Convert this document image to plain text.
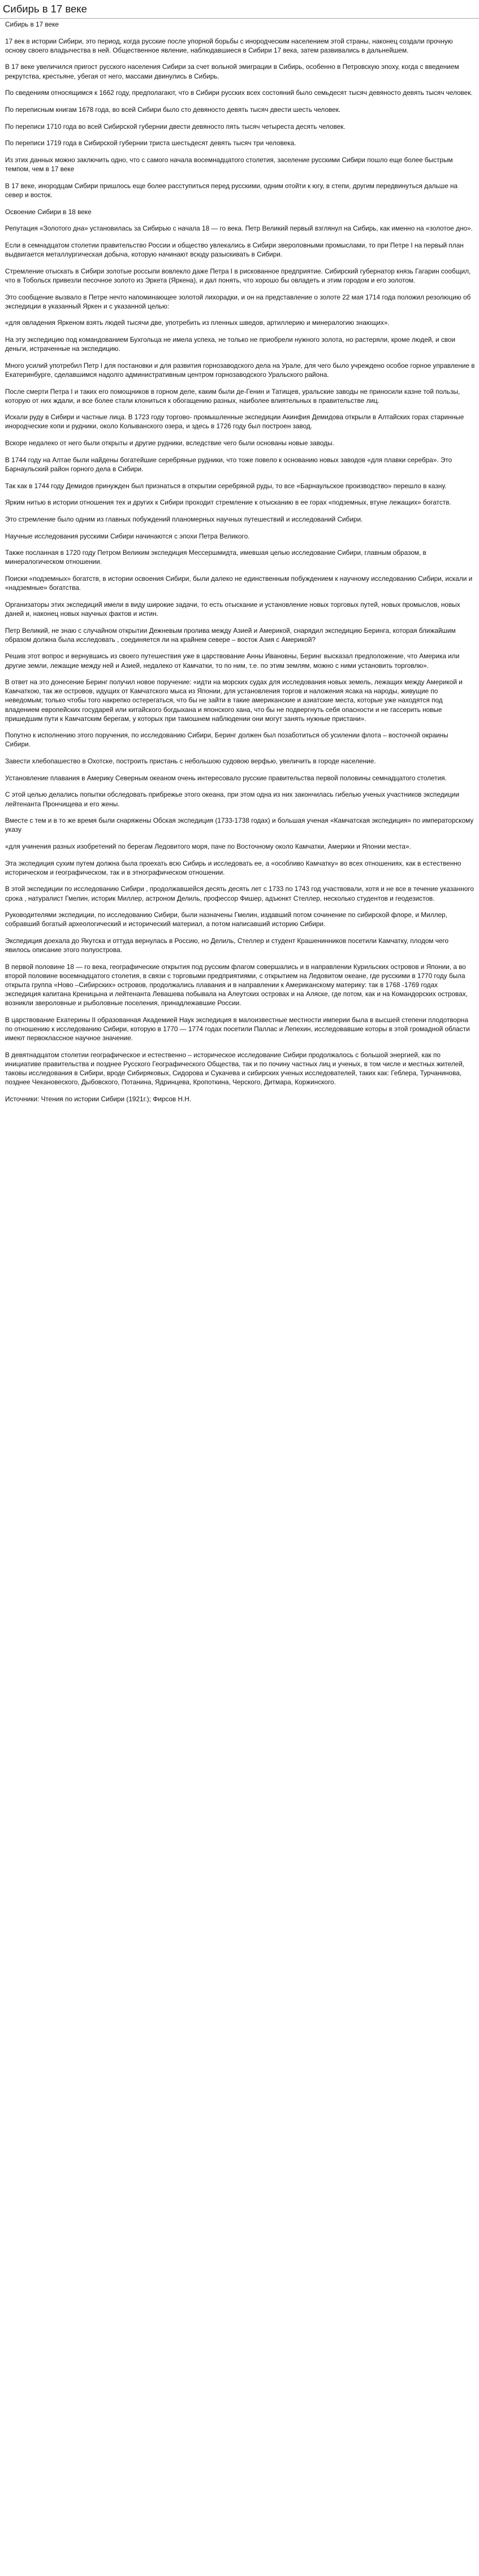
Сибирь в 17 веке
Сибирь в 17 веке
17 век в истории Сибири, это период, когда русские после упорной борьбы с инородческим населением этой страны, наконец создали прочную основу своего владычества в ней. Общественное явление, наблюдавшиеся в Сибири 17 века, затем развивались в дальнейшем.
В 17 веке увеличился приrост русского населения Сибири за счет вольной эмиграции в Сибирь, особенно в Петровскую эпоху, когда с введением рекрутства, крестьяне, убегая от него, массами двинулись в Сибирь.
По сведениям относящимся к 1662 году, предполагают, что в Сибири русских всех состояний было семьдесят тысяч девяносто девять тысяч человек.
По переписным книгам 1678 года, во всей Сибири было сто девяносто девять тысяч двести шесть человек.
По переписи 1710 года во всей Сибирской губернии двести девяносто пять тысяч четыреста десять человек.
По переписи 1719 года в Сибирской губернии триста шестьдесят девять тысяч три человека.
Из этих данных можно заключить одно, что с самого начала восемнадцатого столетия, заселение русскими Сибири пошло еще более быстрым темпом, чем в 17 веке
В 17 веке, инородцам Сибири пришлось еще более расступиться перед русскими, одним отойти к югу, в степи, другим передвинуться дальше на север и восток.
Освоение Сибири в 18 веке
Репутация «Золотого дна» установилась за Сибирью с начала 18 — го века. Петр Великий первый взглянул на Сибирь, как именно на «золотое дно».
Если в семнадцатом столетии правительство России и общество увлекались в Сибири звероловными промыслами, то при Петре I на первый план выдвигается металлургическая добыча, которую начинают всюду разыскивать в Сибири.
Стремление отыскать в Сибири золотые россыпи вовлекло даже Петра I в рискованное предприятие. Сибирский губернатор князь Гагарин сообщил, что в Тобольск привезли песочное золото из Эркета (Яркена), и дал понять, что хорошо бы овладеть и этим городом и его золотом.
Это сообщение вызвало в Петре нечто напоминающее золотой лихорадки, и он на представление о золоте 22 мая 1714 года положил резолюцию об экспедиции в указанный Яркен и с указанной целью:
«для овладения Яркеном взять людей тысячи две, употребить из пленных шведов, артиллерию и минералогию знающих».
На эту экспедицию под командованием Бухгольца не имела успеха, не только не приобрели нужного золота, но растеряли, кроме людей, и свои деньги, истраченные на экспедицию.
Много усилий употребил Петр I для постановки и для развития горнозаводского дела на Урале, для чего было учреждено особое горное управление в Екатеринбурге, сделавшимся надолго административным центром горнозаводского Уральского района.
После смерти Петра I и таких его помощников в горном деле, каким были де-Генин и Татищев, уральские заводы не приносили казне той пользы, которую от них ждали, и все более стали клониться к обогащению разных, наиболее влиятельных в правительстве лиц.
Искали руду в Сибири и частные лица. В 1723 году торгово- промышленные экспедиции Акинфия Демидова открыли в Алтайских горах старинные инородческие копи и рудники, около Колыванского озера, и здесь в 1726 году был построен завод.
Вскоре недалеко от него были открыты и другие рудники, вследствие чего были основаны новые заводы.
В 1744 году на Алтае были найдены богатейшие серебряные рудники, что тоже повело к основанию новых заводов «для плавки серебра». Это Барнаульский район горного дела в Сибири.
Так как в 1744 году Демидов пpинужден был признаться в открытии серебряной руды, то все «Барнаульское производство» перешло в казну.
Ярким нитью в истории отношения тех и других к Сибири проходит стремление к отысканию в ее горах «подземных, втуне лежащих» богатств.
Это стремление было одним из главных побуждений планомерных научных путешествий и исследований Сибири.
Научные исследования русскими Сибири начинаются с эпохи Петра Великого.
Также посланная в 1720 году Петром Великим экспедиция Мессершмидта, имевшая целью исследование Сибири, главным образом, в минералогическом отношении.
Поиски «подземных» богатств, в истории освоения Сибири, были далеко не единственным побуждением к научному исследованию Сибири, искали и «надземные» богатства.
Организаторы этих экспедиций имели в виду широкие задачи, то есть отыскание и установление новых торговых путей, новых промыслов, новых даней и, наконец новых научных фактов и истин.
Петр Великий, не знаю с случайном открытии Дежневым пролива между Азией и Америкой, снарядил экспедицию Беринга, которая ближайшим образом должна была исследовать , соединяется ли на крайнем севере – восток Азия с Америкой?
Решив этот вопрос и вернувшись из своего путешествия уже в царствование Анны Ивановны, Беринг высказал предположение, что Америка или другие земли, лежащие между ней и Азией, недалеко от Камчатки, то по ним, т.е. по этим землям, можно с ними установить торговлю».
В ответ на это донесение Беринг получил новое поручение: «идти на морских судах для исследования новых земель, лежащих между Америкой и Камчаткою, так же островов, идущих от Камчатского мыса из Японии, для установления торгов и наложения ясака на народы, живущие по неведомым; только чтобы того накрепко остерегаться, что бы не зайти в такие американские и азиатские места, которые уже находятся под владением европейских государей или китайского богдыхана и японского хана, что бы не подвергнуть себя опасности и не гассерить новые пришедшим пути к Камчатским берегам, у которых при тамошнем наблюдении они могут занять нужные пристани».
Попутно к исполнению этого поручения, по исследованию Сибири, Беринг должен был позаботиться об усилении флота – восточной окраины Сибири.
Завести хлебопашество в Охотске, построить пристань с небольшою судовою верфью, увеличить в городе население.
Установление плавания в Америку Северным океаном очень интересовало русские правительства первой половины семнадцатого столетия.
С этой целью делались попытки обследовать прибрежье этого океана, при этом одна из них закончилась гибелью ученых участников экспедиции лейтенанта Прончищева и его жены.
Вместе с тем и в то же время были снаряжены Обская экспедиция (1733-1738 годах) и большая ученая «Камчатская экспедиция» по императорскому указу
«для учинения разных изобретений по берегам Ледовитого моря, паче по Восточному около Камчатки, Америки и Японии места».
Эта экспедиция сухим путем должна была проехать всю Сибирь и исследовать ее, а «особливо Камчатку» во всех отношениях, как в естественно историческом и географическом, так и в этнографическом отношении.
В этой экспедиции по исследованию Сибири , продолжавшейся десять десять лет с 1733 по 1743 год участвовали, хотя и не все в течение указанного срока , натуралист Гмелин, историк Миллер, астроном Делиль, профессор Фишер, адъюнкт Стеллер, несколько студентов и геодезистов.
Руководителями экспедиции, по исследованию Сибири, были назначены Гмелин, издавший потом сочинение по сибирской флоре, и Миллер, собравший богатый археологический и исторический материал, а потом написавший историю Сибири.
Экспедиция доехала до Якутска и оттуда вернулась в Россию, но Делиль, Стеллер и студент Крашенинников посетили Камчатку, плодом чего явилось описание этого полуострова.
В первой половине 18 — го века, географические открытия под русским флагом совершались и в направлении Курильских островов и Японии, а во второй половине восемнадцатого столетия, в связи с торговыми предприятиями, с открытием на Ледовитом океане, где русскими в 1770 году была открыта группа «Ново –Сибирских» островов, продолжались плавания и в направлении к Американскому материку: так в 1768 -1769 годах экспедиция капитана Креницына и лейтенанта Левашева побывала на Алеутских островах и на Аляске, где потом, как и на Командорских островах, возникли звероловные и рыболовные поселения, принадлежавшие России.
В царствование Екатерины II образованная Академией Наук экспедиция в малоизвестные местности империи была в высшей степени плодотворна по отношению к исследованию Сибири, которую в 1770 — 1774 годах посетили Паллас и Лепехин, исследовавшие которы в этой громадной области имеют первоклассное научное значение.
В девятнадцатом столетии географическое и естественно – историческое исследование Сибири продолжалось с большой энергией, как по инициативе правительства и позднее Русского Географического Общества, так и по почину частных лиц и ученых, в том числе и местных жителей, таковы исследования в Сибири, вроде Сибиряковых, Сидорова и Сукачева и сибирских ученых исследователей, таких как: Геблера, Турчанинова, позднее Чекановеского, Дыбовского, Потанина, Ядринцева, Кропоткина, Черского, Дитмара, Коржинского.
Источники: Чтения по истории Сибири (1921г.); Фирсов Н.Н.
